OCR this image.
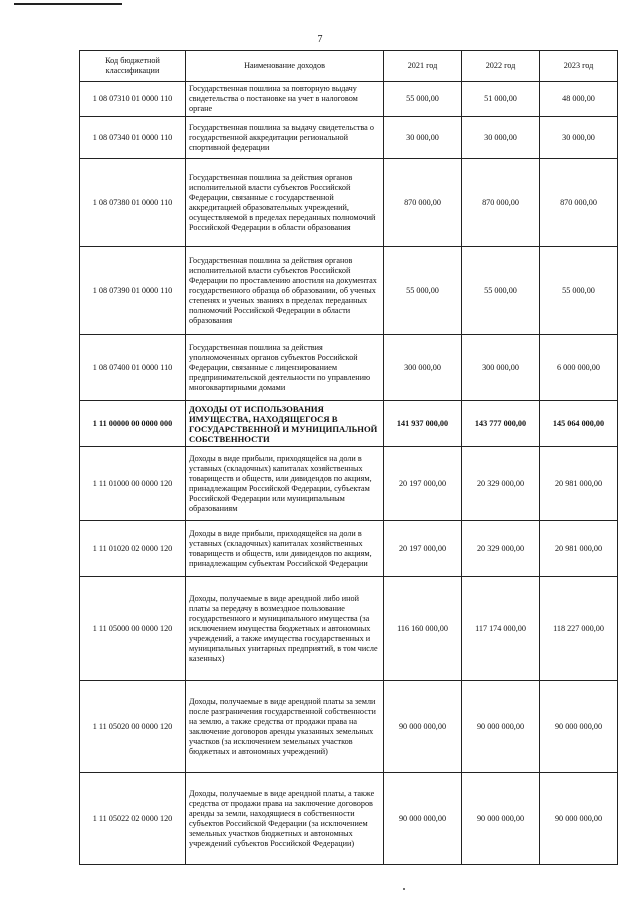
7
Код бюджетной классификации	Наименование доходов	2021 год	2022 год	2023 год
1 08 07310 01 0000 110	Государственная пошлина за повторную выдачу свидетельства о постановке на учет в налоговом органе	55 000,00	51 000,00	48 000,00
1 08 07340 01 0000 110	Государственная пошлина за выдачу свидетельства о государственной аккредитации региональной спортивной федерации	30 000,00	30 000,00	30 000,00
1 08 07380 01 0000 110	Государственная пошлина за действия органов исполнительной власти субъектов Российской Федерации, связанные с государственной аккредитацией образовательных учреждений, осуществляемой в пределах переданных полномочий Российской Федерации в области образования	870 000,00	870 000,00	870 000,00
1 08 07390 01 0000 110	Государственная пошлина за действия органов исполнительной власти субъектов Российской Федерации по проставлению апостиля на документах государственного образца об образовании, об ученых степенях и ученых званиях в пределах переданных полномочий Российской Федерации в области образования	55 000,00	55 000,00	55 000,00
1 08 07400 01 0000 110	Государственная пошлина за действия уполномоченных органов субъектов Российской Федерации, связанные с лицензированием предпринимательской деятельности по управлению многоквартирными домами	300 000,00	300 000,00	6 000 000,00
1 11 00000 00 0000 000	ДОХОДЫ ОТ ИСПОЛЬЗОВАНИЯ ИМУЩЕСТВА, НАХОДЯЩЕГОСЯ В ГОСУДАРСТВЕННОЙ И МУНИЦИПАЛЬНОЙ СОБСТВЕННОСТИ	141 937 000,00	143 777 000,00	145 064 000,00
1 11 01000 00 0000 120	Доходы в виде прибыли, приходящейся на доли в уставных (складочных) капиталах хозяйственных товариществ и обществ, или дивидендов по акциям, принадлежащим Российской Федерации, субъектам Российской Федерации или муниципальным образованиям	20 197 000,00	20 329 000,00	20 981 000,00
1 11 01020 02 0000 120	Доходы в виде прибыли, приходящейся на доли в уставных (складочных) капиталах хозяйственных товариществ и обществ, или дивидендов по акциям, принадлежащим субъектам Российской Федерации	20 197 000,00	20 329 000,00	20 981 000,00
1 11 05000 00 0000 120	Доходы, получаемые в виде арендной либо иной платы за передачу в возмездное пользование государственного и муниципального имущества (за исключением имущества бюджетных и автономных учреждений, а также имущества государственных и муниципальных унитарных предприятий, в том числе казенных)	116 160 000,00	117 174 000,00	118 227 000,00
1 11 05020 00 0000 120	Доходы, получаемые в виде арендной платы за земли после разграничения государственной собственности на землю, а также средства от продажи права на заключение договоров аренды указанных земельных участков (за исключением земельных участков бюджетных и автономных учреждений)	90 000 000,00	90 000 000,00	90 000 000,00
1 11 05022 02 0000 120	Доходы, получаемые в виде арендной платы, а также средства от продажи права на заключение договоров аренды за земли, находящиеся в собственности субъектов Российской Федерации (за исключением земельных участков бюджетных и автономных учреждений субъектов Российской Федерации)	90 000 000,00	90 000 000,00	90 000 000,00
